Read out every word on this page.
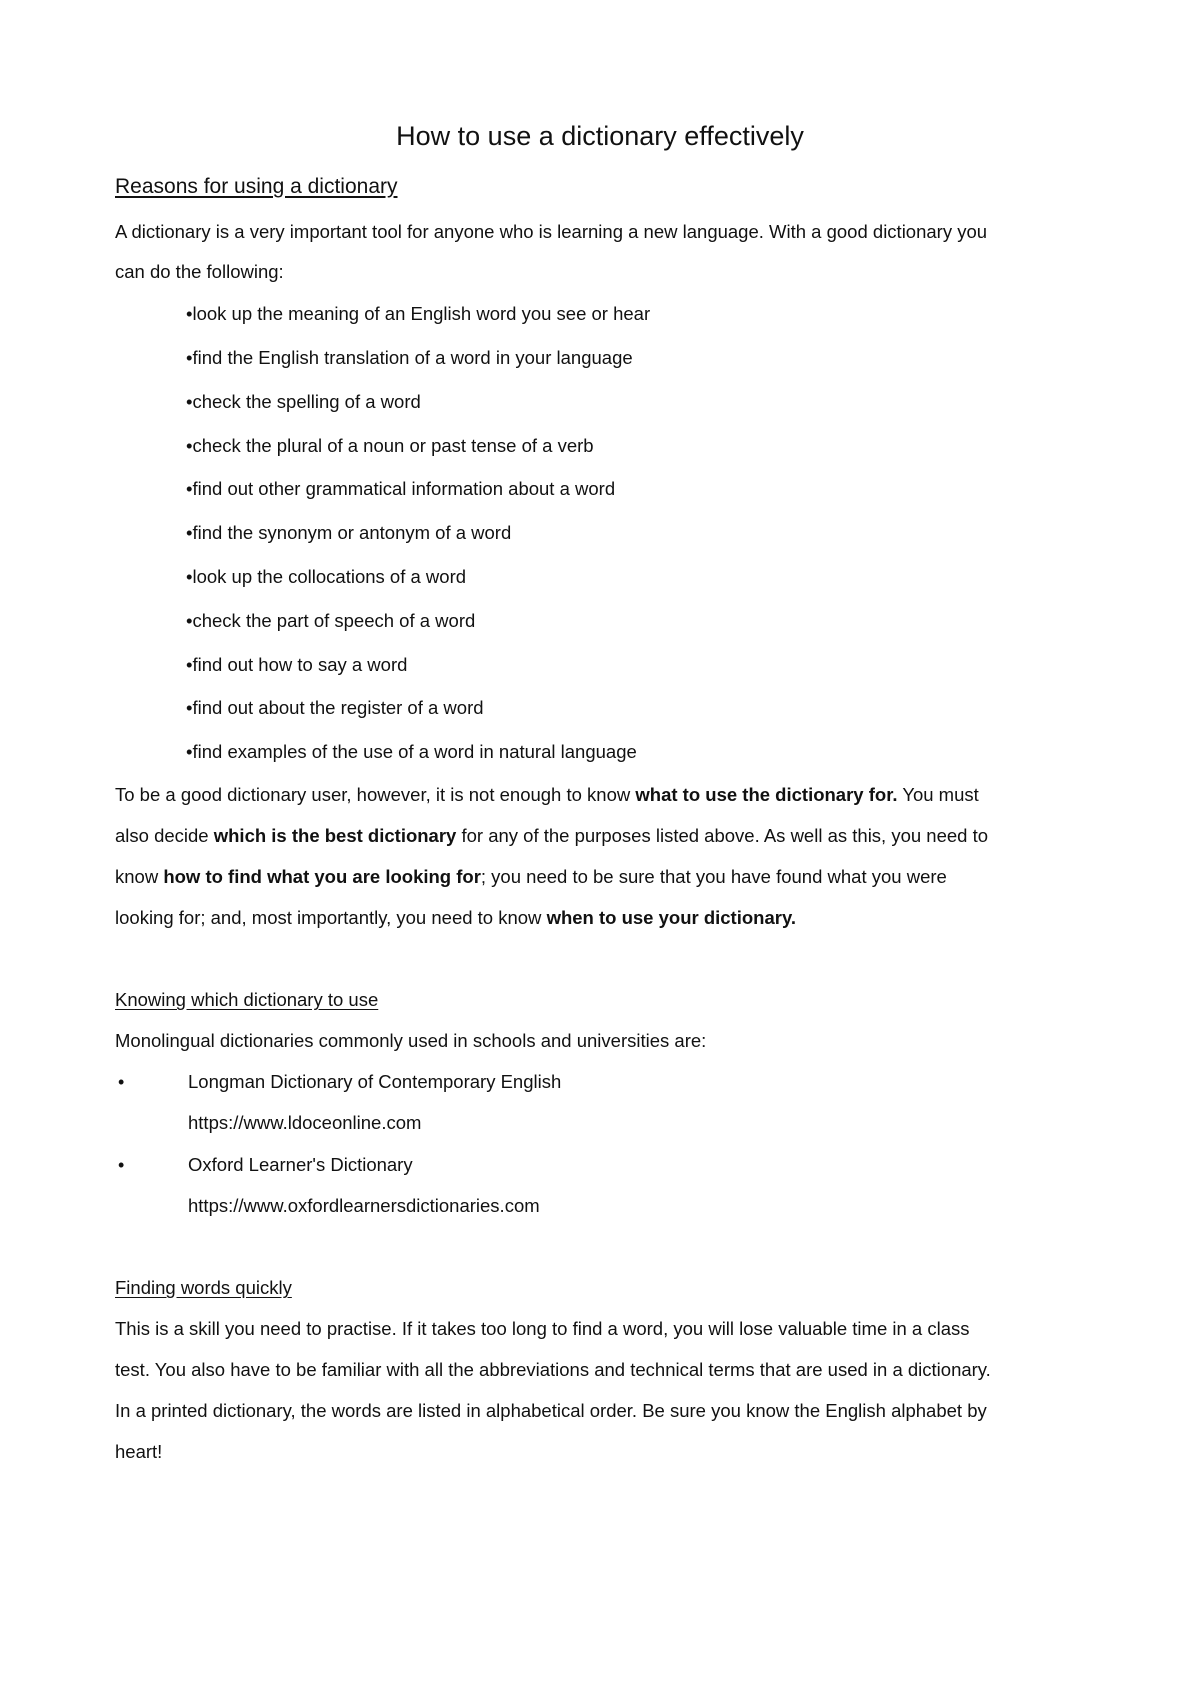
How to use a dictionary effectively
Reasons for using a dictionary
A dictionary is a very important tool for anyone who is learning a new language. With a good dictionary you
can do the following:
•look up the meaning of an English word you see or hear
•find the English translation of a word in your language
•check the spelling of a word
•check the plural of a noun or past tense of a verb
•find out other grammatical information about a word
•find the synonym or antonym of a word
•look up the collocations of a word
•check the part of speech of a word
•find out how to say a word
•find out about the register of a word
•find examples of the use of a word in natural language
To be a good dictionary user, however, it is not enough to know what to use the dictionary for. You must
also decide which is the best dictionary for any of the purposes listed above. As well as this, you need to
know how to find what you are looking for; you need to be sure that you have found what you were
looking for; and, most importantly, you need to know when to use your dictionary.
Knowing which dictionary to use
Monolingual dictionaries commonly used in schools and universities are:
•	Longman Dictionary of Contemporary English
https://www.ldoceonline.com
•	Oxford Learner's Dictionary
https://www.oxfordlearnersdictionaries.com
Finding words quickly
This is a skill you need to practise. If it takes too long to find a word, you will lose valuable time in a class
test. You also have to be familiar with all the abbreviations and technical terms that are used in a dictionary.
In a printed dictionary, the words are listed in alphabetical order. Be sure you know the English alphabet by
heart!
